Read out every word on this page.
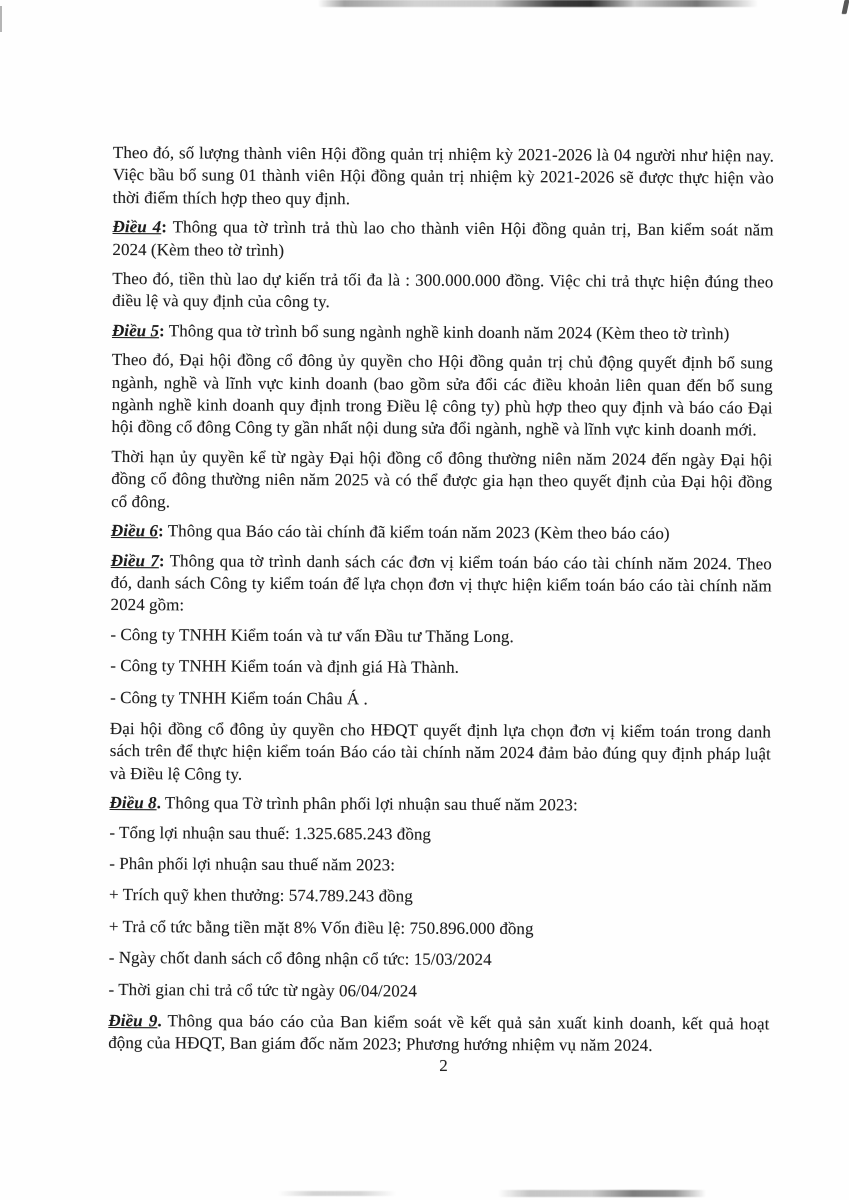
Theo đó, số lượng thành viên Hội đồng quản trị nhiệm kỳ 2021-2026 là 04 người như hiện nay. Việc bầu bổ sung 01 thành viên Hội đồng quản trị nhiệm kỳ 2021-2026 sẽ được thực hiện vào thời điểm thích hợp theo quy định.

Điều 4: Thông qua tờ trình trả thù lao cho thành viên Hội đồng quản trị, Ban kiểm soát năm 2024 (Kèm theo tờ trình)

Theo đó, tiền thù lao dự kiến trả tối đa là : 300.000.000 đồng. Việc chi trả thực hiện đúng theo điều lệ và quy định của công ty.

Điều 5: Thông qua tờ trình bổ sung ngành nghề kinh doanh năm 2024 (Kèm theo tờ trình)

Theo đó, Đại hội đồng cổ đông ủy quyền cho Hội đồng quản trị chủ động quyết định bổ sung ngành, nghề và lĩnh vực kinh doanh (bao gồm sửa đổi các điều khoản liên quan đến bổ sung ngành nghề kinh doanh quy định trong Điều lệ công ty) phù hợp theo quy định và báo cáo Đại hội đồng cổ đông Công ty gần nhất nội dung sửa đổi ngành, nghề và lĩnh vực kinh doanh mới.

Thời hạn ủy quyền kể từ ngày Đại hội đồng cổ đông thường niên năm 2024 đến ngày Đại hội đồng cổ đông thường niên năm 2025 và có thể được gia hạn theo quyết định của Đại hội đồng cổ đông.

Điều 6: Thông qua Báo cáo tài chính đã kiểm toán năm 2023 (Kèm theo báo cáo)

Điều 7: Thông qua tờ trình danh sách các đơn vị kiểm toán báo cáo tài chính năm 2024. Theo đó, danh sách Công ty kiểm toán để lựa chọn đơn vị thực hiện kiểm toán báo cáo tài chính năm 2024 gồm:

- Công ty TNHH Kiểm toán và tư vấn Đầu tư Thăng Long.

- Công ty TNHH Kiểm toán và định giá Hà Thành.

- Công ty TNHH Kiểm toán Châu Á .

Đại hội đồng cổ đông ủy quyền cho HĐQT quyết định lựa chọn đơn vị kiểm toán trong danh sách trên để thực hiện kiểm toán Báo cáo tài chính năm 2024 đảm bảo đúng quy định pháp luật và Điều lệ Công ty.

Điều 8. Thông qua Tờ trình phân phối lợi nhuận sau thuế năm 2023:

- Tổng lợi nhuận sau thuế: 1.325.685.243 đồng

- Phân phối lợi nhuận sau thuế năm 2023:

+ Trích quỹ khen thưởng: 574.789.243 đồng

+ Trả cổ tức bằng tiền mặt 8% Vốn điều lệ: 750.896.000 đồng

- Ngày chốt danh sách cổ đông nhận cổ tức: 15/03/2024

- Thời gian chi trả cổ tức từ ngày 06/04/2024

Điều 9. Thông qua báo cáo của Ban kiểm soát về kết quả sản xuất kinh doanh, kết quả hoạt động của HĐQT, Ban giám đốc năm 2023; Phương hướng nhiệm vụ năm 2024.

2
